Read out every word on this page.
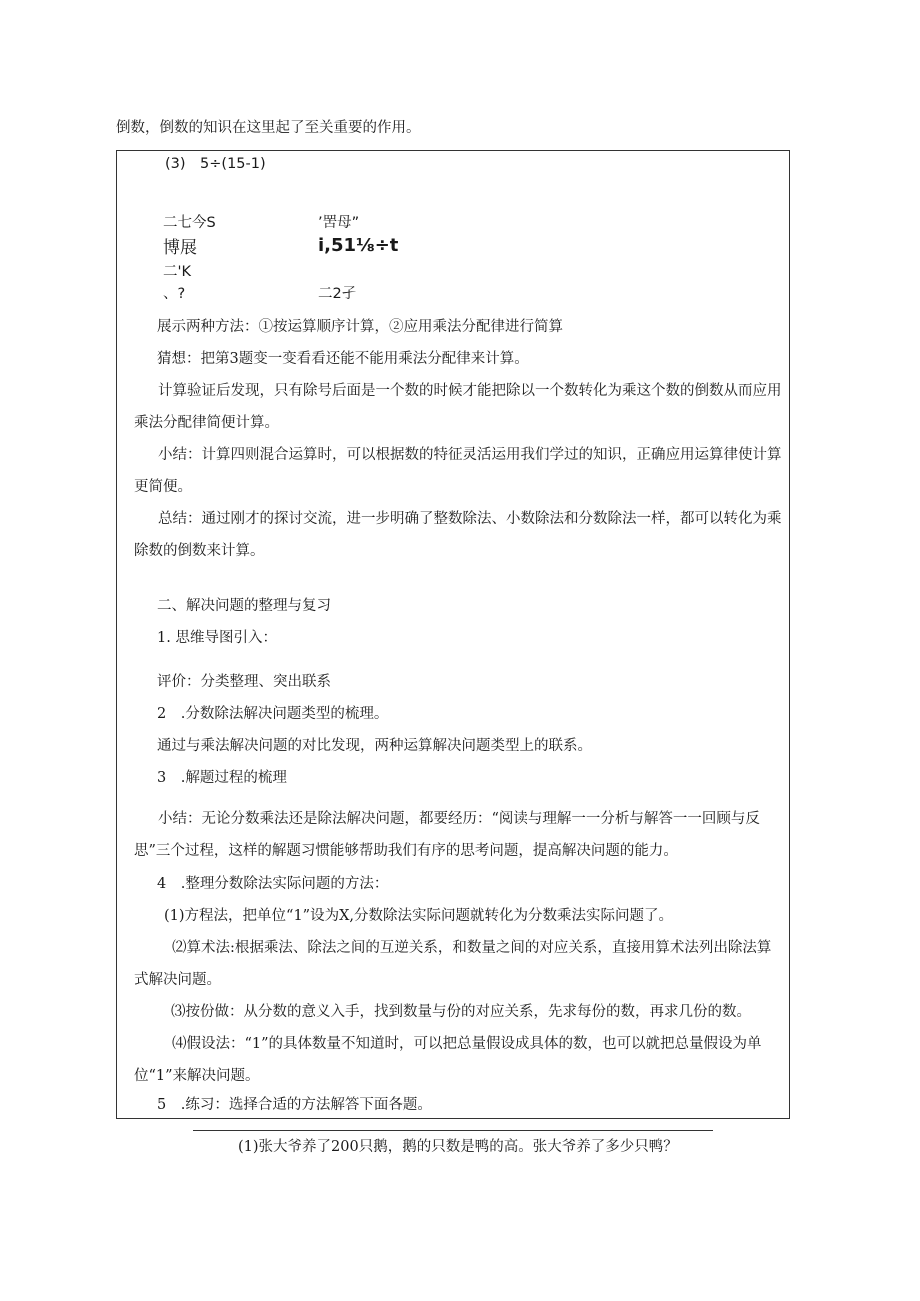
倒数，倒数的知识在这里起了至关重要的作用。
(3)　5÷(15-1)
二七今S	’罟母”
博展	i,51⅛÷t
二'K
、?	二2孑
展示两种方法：①按运算顺序计算，②应用乘法分配律进行简算
猜想：把第3题变一变看看还能不能用乘法分配律来计算。
计算验证后发现，只有除号后面是一个数的时候才能把除以一个数转化为乘这个数的倒数从而应用乘法分配律简便计算。
小结：计算四则混合运算时，可以根据数的特征灵活运用我们学过的知识，正确应用运算律使计算更简便。
总结：通过刚才的探讨交流，进一步明确了整数除法、小数除法和分数除法一样，都可以转化为乘除数的倒数来计算。
二、解决问题的整理与复习
1. 思维导图引入：
评价：分类整理、突出联系
2　.分数除法解决问题类型的梳理。
通过与乘法解决问题的对比发现，两种运算解决问题类型上的联系。
3　.解题过程的梳理
小结：无论分数乘法还是除法解决问题，都要经历：“阅读与理解一一分析与解答一一回顾与反思”三个过程，这样的解题习惯能够帮助我们有序的思考问题，提高解决问题的能力。
4　.整理分数除法实际问题的方法：
(1)方程法，把单位“1”设为X,分数除法实际问题就转化为分数乘法实际问题了。
⑵算术法:根据乘法、除法之间的互逆关系，和数量之间的对应关系，直接用算术法列出除法算式解决问题。
⑶按份做：从分数的意义入手，找到数量与份的对应关系，先求每份的数，再求几份的数。
⑷假设法：“1”的具体数量不知道时，可以把总量假设成具体的数，也可以就把总量假设为单位“1”来解决问题。
5　.练习：选择合适的方法解答下面各题。
(1)张大爷养了200只鹅，鹅的只数是鸭的高。张大爷养了多少只鸭？
